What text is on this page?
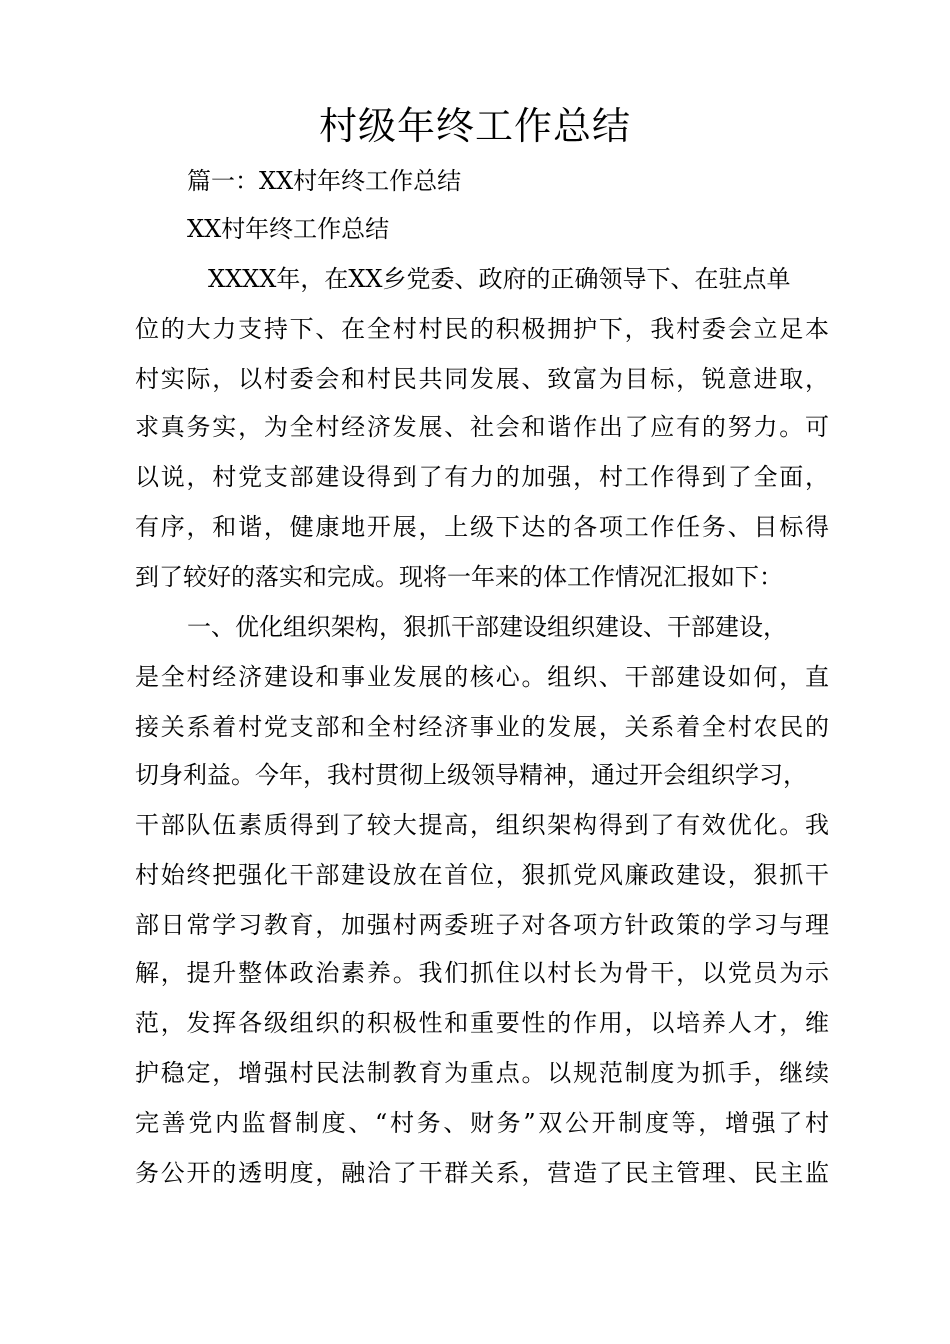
村级年终工作总结
篇一：XX村年终工作总结
XX村年终工作总结
XXXX年，在XX乡党委、政府的正确领导下、在驻点单
位的大力支持下、在全村村民的积极拥护下，我村委会立足本
村实际，以村委会和村民共同发展、致富为目标，锐意进取，
求真务实，为全村经济发展、社会和谐作出了应有的努力。可
以说，村党支部建设得到了有力的加强，村工作得到了全面，
有序，和谐，健康地开展，上级下达的各项工作任务、目标得
到了较好的落实和完成。现将一年来的体工作情况汇报如下：
一、优化组织架构，狠抓干部建设组织建设、干部建设，
是全村经济建设和事业发展的核心。组织、干部建设如何，直
接关系着村党支部和全村经济事业的发展，关系着全村农民的
切身利益。今年，我村贯彻上级领导精神，通过开会组织学习，
干部队伍素质得到了较大提高，组织架构得到了有效优化。我
村始终把强化干部建设放在首位，狠抓党风廉政建设，狠抓干
部日常学习教育，加强村两委班子对各项方针政策的学习与理
解，提升整体政治素养。我们抓住以村长为骨干，以党员为示
范，发挥各级组织的积极性和重要性的作用，以培养人才，维
护稳定，增强村民法制教育为重点。以规范制度为抓手，继续
完善党内监督制度、“村务、财务”双公开制度等，增强了村
务公开的透明度，融洽了干群关系，营造了民主管理、民主监
